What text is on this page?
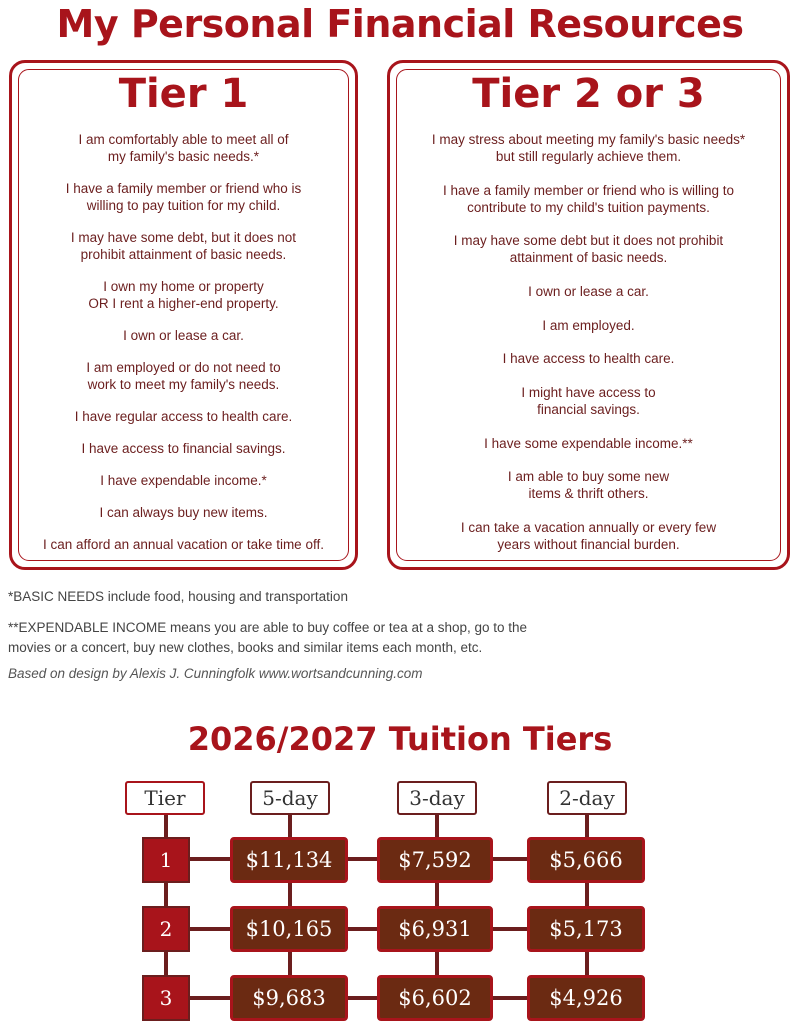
My Personal Financial Resources
Tier 1
I am comfortably able to meet all of
my family's basic needs.*
I have a family member or friend who is
willing to pay tuition for my child.
I may have some debt, but it does not
prohibit attainment of basic needs.
I own my home or property
OR I rent a higher-end property.
I own or lease a car.
I am employed or do not need to
work to meet my family's needs.
I have regular access to health care.
I have access to financial savings.
I have expendable income.*
I can always buy new items.
I can afford an annual vacation or take time off.
Tier 2 or 3
I may stress about meeting my family's basic needs*
but still regularly achieve them.
I have a family member or friend who is willing to
contribute to my child's tuition payments.
I may have some debt but it does not prohibit
attainment of basic needs.
I own or lease a car.
I am employed.
I have access to health care.
I might have access to
financial savings.
I have some expendable income.**
I am able to buy some new
items & thrift others.
I can take a vacation annually or every few
years without financial burden.
*BASIC NEEDS include food, housing and transportation
**EXPENDABLE INCOME means you are able to buy coffee or tea at a shop, go to the movies or a concert, buy new clothes, books and similar items each month, etc.
Based on design by Alexis J. Cunningfolk www.wortsandcunning.com
2026/2027 Tuition Tiers
Tier	5-day	3-day	2-day
1	$11,134	$7,592	$5,666
2	$10,165	$6,931	$5,173
3	$9,683	$6,602	$4,926
